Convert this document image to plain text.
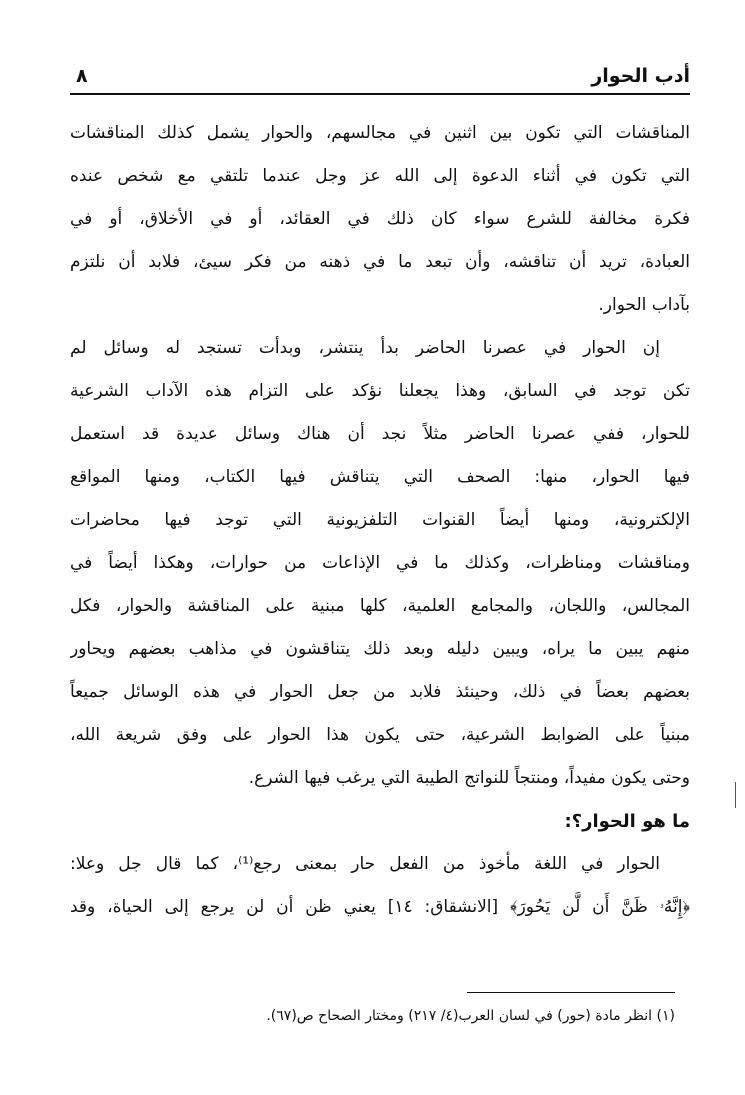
أدب الحوار
٨
المناقشات التي تكون بين اثنين في مجالسهم، والحوار يشمل كذلك المناقشات
التي تكون في أثناء الدعوة إلى الله عز وجل عندما تلتقي مع شخص عنده
فكرة مخالفة للشرع سواء كان ذلك في العقائد، أو في الأخلاق، أو في
العبادة، تريد أن تناقشه، وأن تبعد ما في ذهنه من فكر سيئ، فلابد أن نلتزم
بآداب الحوار.
إن الحوار في عصرنا الحاضر بدأ ينتشر، وبدأت تستجد له وسائل لم
تكن توجد في السابق، وهذا يجعلنا نؤكد على التزام هذه الآداب الشرعية
للحوار، ففي عصرنا الحاضر مثلاً نجد أن هناك وسائل عديدة قد استعمل
فيها الحوار، منها: الصحف التي يتناقش فيها الكتاب، ومنها المواقع
الإلكترونية، ومنها أيضاً القنوات التلفزيونية التي توجد فيها محاضرات
ومناقشات ومناظرات، وكذلك ما في الإذاعات من حوارات، وهكذا أيضاً في
المجالس، واللجان، والمجامع العلمية، كلها مبنية على المناقشة والحوار، فكل
منهم يبين ما يراه، ويبين دليله وبعد ذلك يتناقشون في مذاهب بعضهم ويحاور
بعضهم بعضاً في ذلك، وحينئذ فلابد من جعل الحوار في هذه الوسائل جميعاً
مبنياً على الضوابط الشرعية، حتى يكون هذا الحوار على وفق شريعة الله،
وحتى يكون مفيداً، ومنتجاً للنواتج الطيبة التي يرغب فيها الشرع.
ما هو الحوار؟:
الحوار في اللغة مأخوذ من الفعل حار بمعنى رجع⁽¹⁾، كما قال جل وعلا:
﴿إِنَّهُۥ ظَنَّ أَن لَّن يَحُورَ﴾ [الانشقاق: ١٤] يعني ظن أن لن يرجع إلى الحياة، وقد
(١) انظر مادة (حور) في لسان العرب(٤/ ٢١٧) ومختار الصحاح ص(٦٧).
